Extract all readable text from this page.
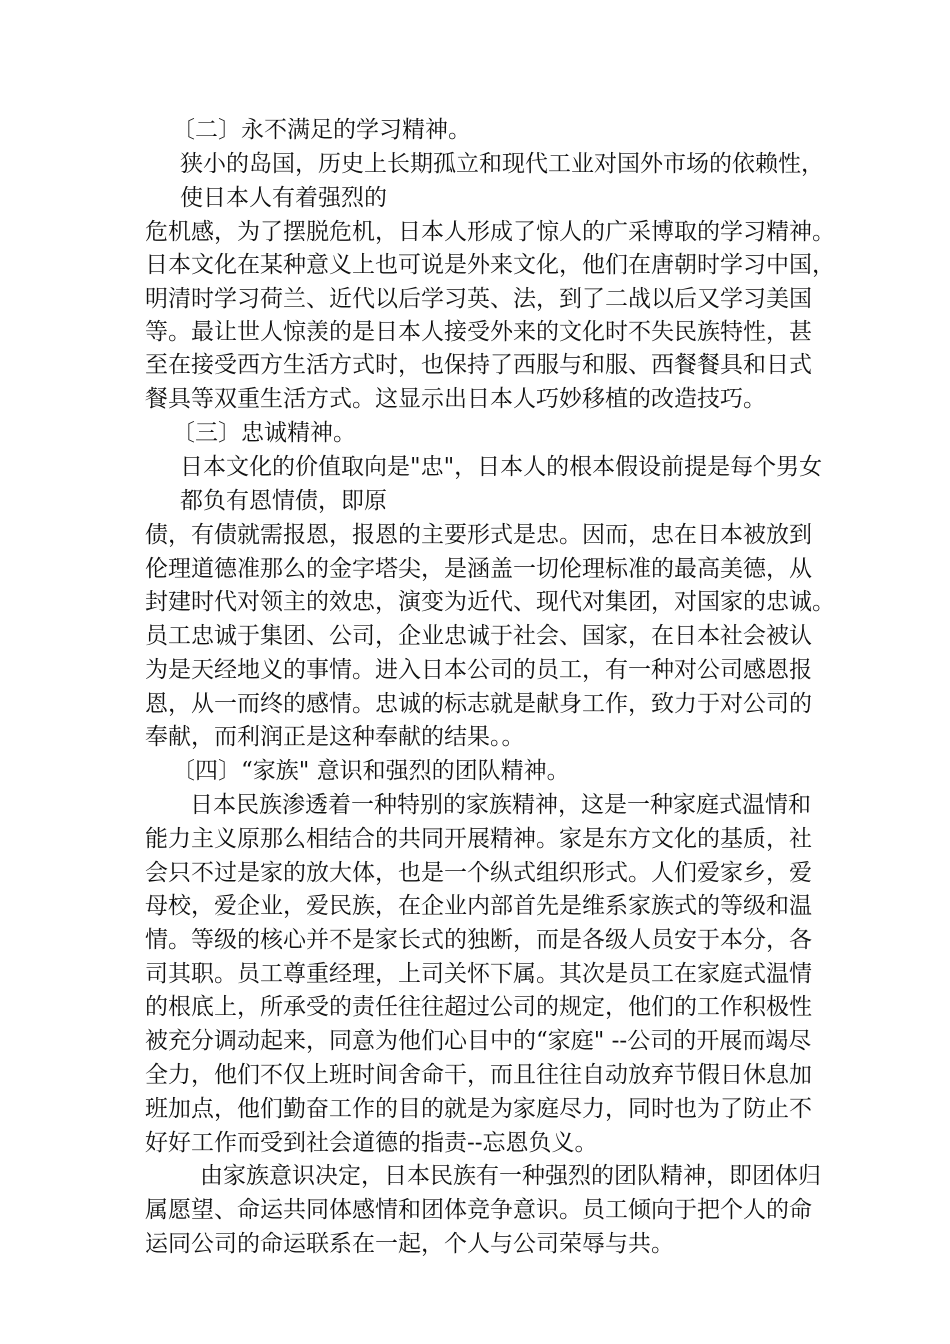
〔二〕永不满足的学习精神。
狭小的岛国，历史上长期孤立和现代工业对国外市场的依赖性，
使日本人有着强烈的
危机感，为了摆脱危机，日本人形成了惊人的广采博取的学习精神。
日本文化在某种意义上也可说是外来文化，他们在唐朝时学习中国，
明清时学习荷兰、近代以后学习英、法，到了二战以后又学习美国
等。最让世人惊羡的是日本人接受外来的文化时不失民族特性，甚
至在接受西方生活方式时，也保持了西服与和服、西餐餐具和日式
餐具等双重生活方式。这显示出日本人巧妙移植的改造技巧。
〔三〕忠诚精神。
日本文化的价值取向是"忠"，日本人的根本假设前提是每个男女
都负有恩情债，即原
债，有债就需报恩，报恩的主要形式是忠。因而，忠在日本被放到
伦理道德准那么的金字塔尖，是涵盖一切伦理标准的最高美德，从
封建时代对领主的效忠，演变为近代、现代对集团，对国家的忠诚。
员工忠诚于集团、公司，企业忠诚于社会、国家，在日本社会被认
为是天经地义的事情。进入日本公司的员工，有一种对公司感恩报
恩，从一而终的感情。忠诚的标志就是献身工作，致力于对公司的
奉献，而利润正是这种奉献的结果。。
〔四〕“家族" 意识和强烈的团队精神。
日本民族渗透着一种特别的家族精神，这是一种家庭式温情和
能力主义原那么相结合的共同开展精神。家是东方文化的基质，社
会只不过是家的放大体，也是一个纵式组织形式。人们爱家乡，爱
母校，爱企业，爱民族，在企业内部首先是维系家族式的等级和温
情。等级的核心并不是家长式的独断，而是各级人员安于本分，各
司其职。员工尊重经理，上司关怀下属。其次是员工在家庭式温情
的根底上，所承受的责任往往超过公司的规定，他们的工作积极性
被充分调动起来，同意为他们心目中的“家庭" --公司的开展而竭尽
全力，他们不仅上班时间舍命干，而且往往自动放弃节假日休息加
班加点，他们勤奋工作的目的就是为家庭尽力，同时也为了防止不
好好工作而受到社会道德的指责--忘恩负义。
由家族意识决定，日本民族有一种强烈的团队精神，即团体归
属愿望、命运共同体感情和团体竞争意识。员工倾向于把个人的命
运同公司的命运联系在一起，个人与公司荣辱与共。
